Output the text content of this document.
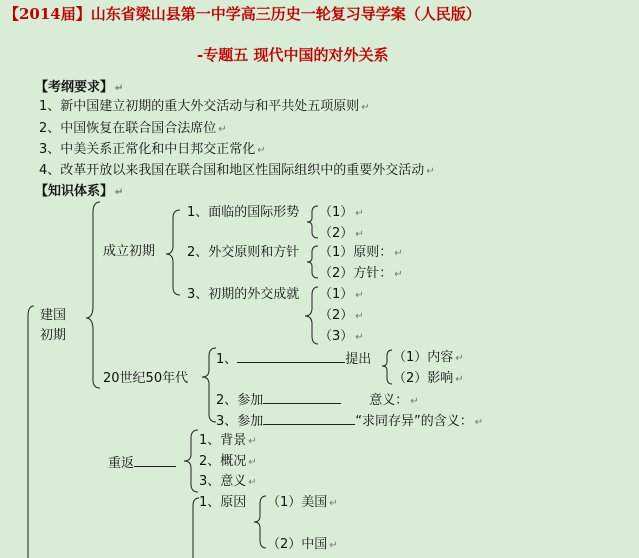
【2014届】山东省梁山县第一中学高三历史一轮复习导学案（人民版）
-专题五 现代中国的对外关系
【考纲要求】 ↵
1、新中国建立初期的重大外交活动与和平共处五项原则 ↵
2、中国恢复在联合国合法席位 ↵
3、中美关系正常化和中日邦交正常化 ↵
4、改革开放以来我国在联合国和地区性国际组织中的重要外交活动 ↵
【知识体系】 ↵
建国
初期
成立初期
1、面临的国际形势
2、外交原则和方针
3、初期的外交成就
（1） ↵
（2） ↵
（1）原则： ↵
（2）方针： ↵
（1） ↵
（2） ↵
（3） ↵
20世纪50年代
1、	提出 （1）内容 ↵
（2）影响 ↵
2、参加	意义： ↵
3、参加	“求同存异”的含义： ↵
重返
1、背景 ↵
2、概况 ↵
3、意义 ↵
1、原因 （1）美国 ↵
（2）中国 ↵
